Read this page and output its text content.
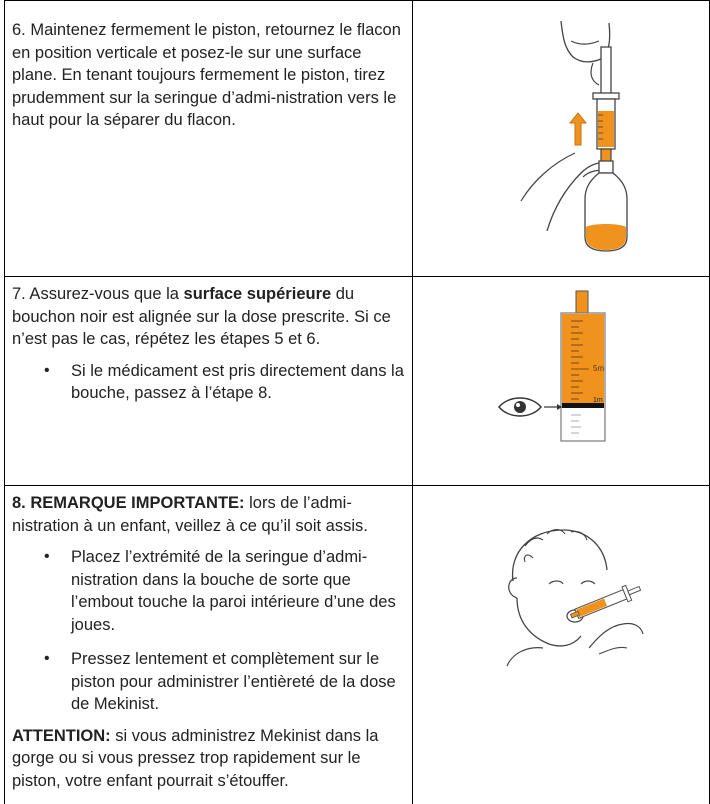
6. Maintenez fermement le piston, retournez le flacon en position verticale et posez-le sur une surface plane. En tenant toujours fermement le piston, tirez prudemment sur la seringue d’admi-nistration vers le haut pour la séparer du flacon.

7. Assurez-vous que la surface supérieure du bouchon noir est alignée sur la dose prescrite. Si ce n’est pas le cas, répétez les étapes 5 et 6.

• Si le médicament est pris directement dans la bouche, passez à l’étape 8.
5m
1m

8. REMARQUE IMPORTANTE: lors de l’admi-nistration à un enfant, veillez à ce qu’il soit assis.

• Placez l’extrémité de la seringue d’admi-nistration dans la bouche de sorte que l’embout touche la paroi intérieure d’une des joues.
• Pressez lentement et complètement sur le piston pour administrer l’entièreté de la dose de Mekinist.

ATTENTION: si vous administrez Mekinist dans la gorge ou si vous pressez trop rapidement sur le piston, votre enfant pourrait s’étouffer.
